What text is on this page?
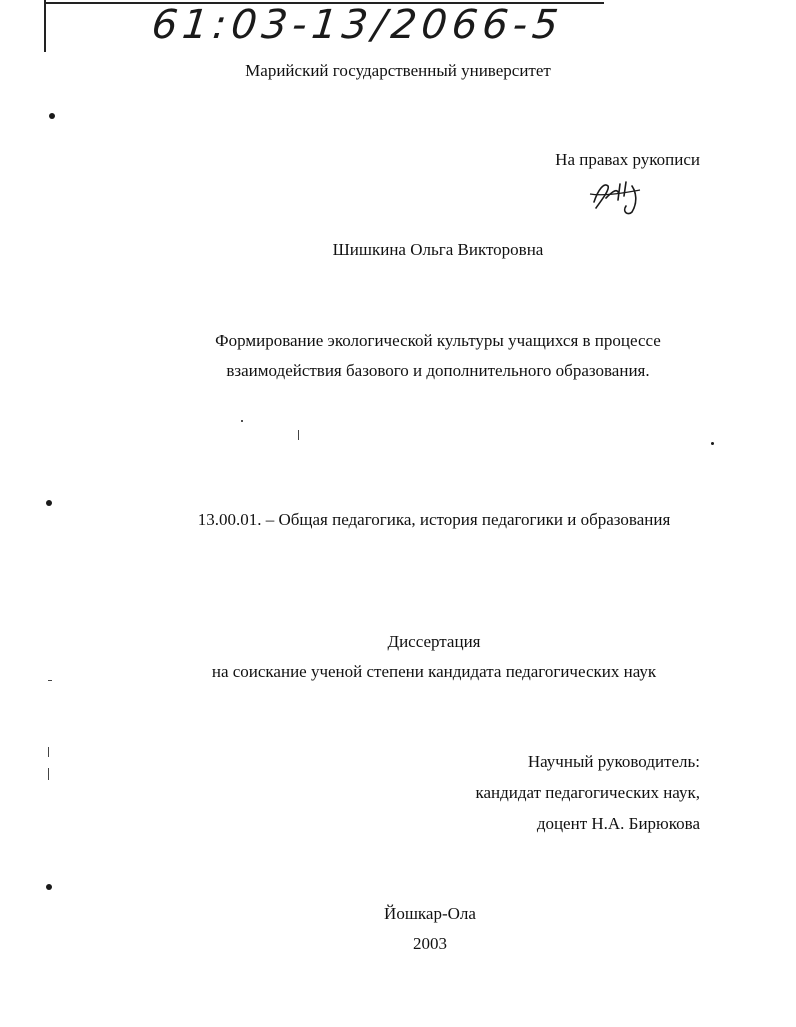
61:03-13/2066-5
Марийский государственный университет
На правах рукописи
Шишкина Ольга Викторовна
Формирование экологической культуры учащихся в процессе
взаимодействия базового и дополнительного образования.
13.00.01. – Общая педагогика, история педагогики и образования
Диссертация
на соискание ученой степени кандидата педагогических наук
Научный руководитель:
кандидат педагогических наук,
доцент Н.А. Бирюкова
Йошкар-Ола
2003
